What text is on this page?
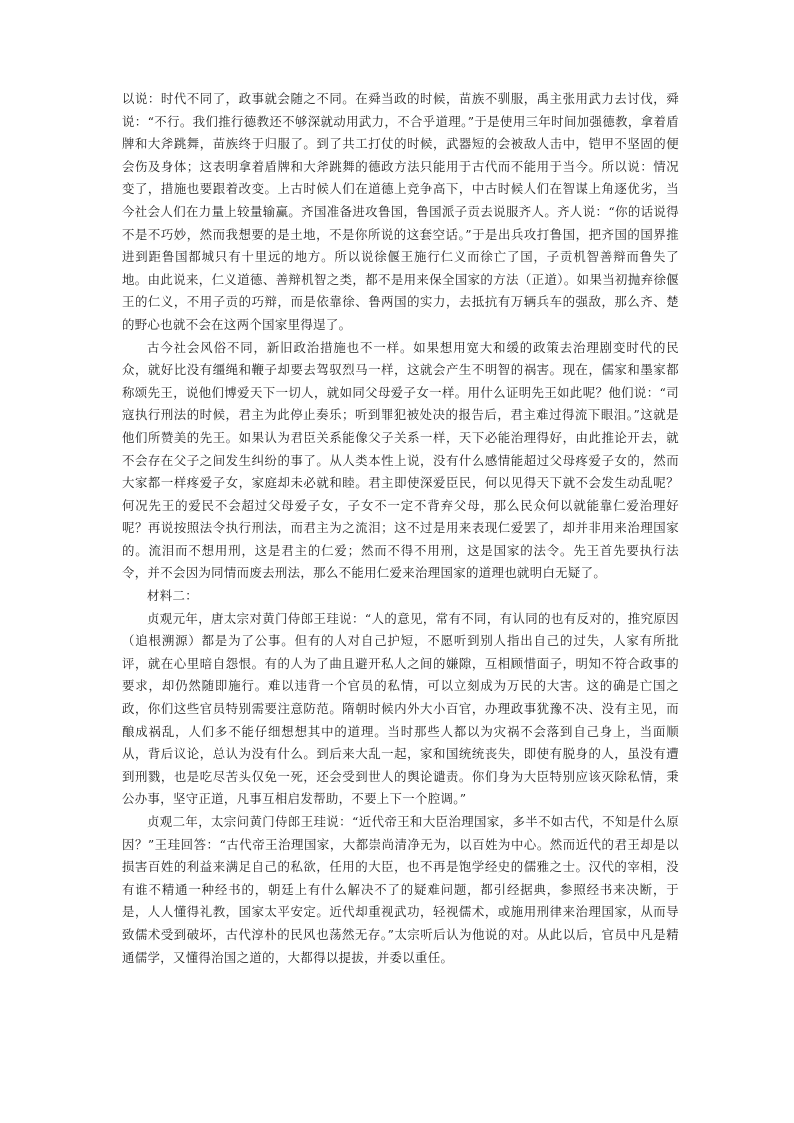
以说：时代不同了，政事就会随之不同。在舜当政的时候，苗族不驯服，禹主张用武力去讨伐，舜说：“不行。我们推行德教还不够深就动用武力，不合乎道理。”于是使用三年时间加强德教，拿着盾牌和大斧跳舞，苗族终于归服了。到了共工打仗的时候，武器短的会被敌人击中，铠甲不坚固的便会伤及身体；这表明拿着盾牌和大斧跳舞的德政方法只能用于古代而不能用于当今。所以说：情况变了，措施也要跟着改变。上古时候人们在道德上竞争高下，中古时候人们在智谋上角逐优劣，当今社会人们在力量上较量输赢。齐国准备进攻鲁国，鲁国派子贡去说服齐人。齐人说：“你的话说得不是不巧妙，然而我想要的是土地，不是你所说的这套空话。”于是出兵攻打鲁国，把齐国的国界推进到距鲁国都城只有十里远的地方。所以说徐偃王施行仁义而徐亡了国，子贡机智善辩而鲁失了地。由此说来，仁义道德、善辩机智之类，都不是用来保全国家的方法（正道）。如果当初抛弃徐偃王的仁义，不用子贡的巧辩，而是依靠徐、鲁两国的实力，去抵抗有万辆兵车的强敌，那么齐、楚的野心也就不会在这两个国家里得逞了。

古今社会风俗不同，新旧政治措施也不一样。如果想用宽大和缓的政策去治理剧变时代的民众，就好比没有缰绳和鞭子却要去驾驭烈马一样，这就会产生不明智的祸害。现在，儒家和墨家都称颂先王，说他们博爱天下一切人，就如同父母爱子女一样。用什么证明先王如此呢？他们说：“司寇执行刑法的时候，君主为此停止奏乐；听到罪犯被处决的报告后，君主难过得流下眼泪。”这就是他们所赞美的先王。如果认为君臣关系能像父子关系一样，天下必能治理得好，由此推论开去，就不会存在父子之间发生纠纷的事了。从人类本性上说，没有什么感情能超过父母疼爱子女的，然而大家都一样疼爱子女，家庭却未必就和睦。君主即使深爱臣民，何以见得天下就不会发生动乱呢？何况先王的爱民不会超过父母爱子女，子女不一定不背弃父母，那么民众何以就能靠仁爱治理好呢？再说按照法令执行刑法，而君主为之流泪；这不过是用来表现仁爱罢了，却并非用来治理国家的。流泪而不想用刑，这是君主的仁爱；然而不得不用刑，这是国家的法令。先王首先要执行法令，并不会因为同情而废去刑法，那么不能用仁爱来治理国家的道理也就明白无疑了。

材料二：

贞观元年，唐太宗对黄门侍郎王珪说：“人的意见，常有不同，有认同的也有反对的，推究原因（追根溯源）都是为了公事。但有的人对自己护短，不愿听到别人指出自己的过失，人家有所批评，就在心里暗自怨恨。有的人为了曲且避开私人之间的嫌隙，互相顾惜面子，明知不符合政事的要求，却仍然随即施行。难以违背一个官员的私情，可以立刻成为万民的大害。这的确是亡国之政，你们这些官员特别需要注意防范。隋朝时候内外大小百官，办理政事犹豫不决、没有主见，而酿成祸乱，人们多不能仔细想想其中的道理。当时那些人都以为灾祸不会落到自己身上，当面顺从，背后议论，总认为没有什么。到后来大乱一起，家和国统统丧失，即使有脱身的人，虽没有遭到刑戮，也是吃尽苦头仅免一死，还会受到世人的舆论谴责。你们身为大臣特别应该灭除私情，秉公办事，坚守正道，凡事互相启发帮助，不要上下一个腔调。”

贞观二年，太宗问黄门侍郎王珪说：“近代帝王和大臣治理国家，多半不如古代，不知是什么原因？”王珪回答：“古代帝王治理国家，大都崇尚清净无为，以百姓为中心。然而近代的君王却是以损害百姓的利益来满足自己的私欲，任用的大臣，也不再是饱学经史的儒雅之士。汉代的宰相，没有谁不精通一种经书的，朝廷上有什么解决不了的疑难问题，都引经据典，参照经书来决断，于是，人人懂得礼教，国家太平安定。近代却重视武功，轻视儒术，或施用刑律来治理国家，从而导致儒术受到破坏，古代淳朴的民风也荡然无存。”太宗听后认为他说的对。从此以后，官员中凡是精通儒学，又懂得治国之道的，大都得以提拔，并委以重任。
